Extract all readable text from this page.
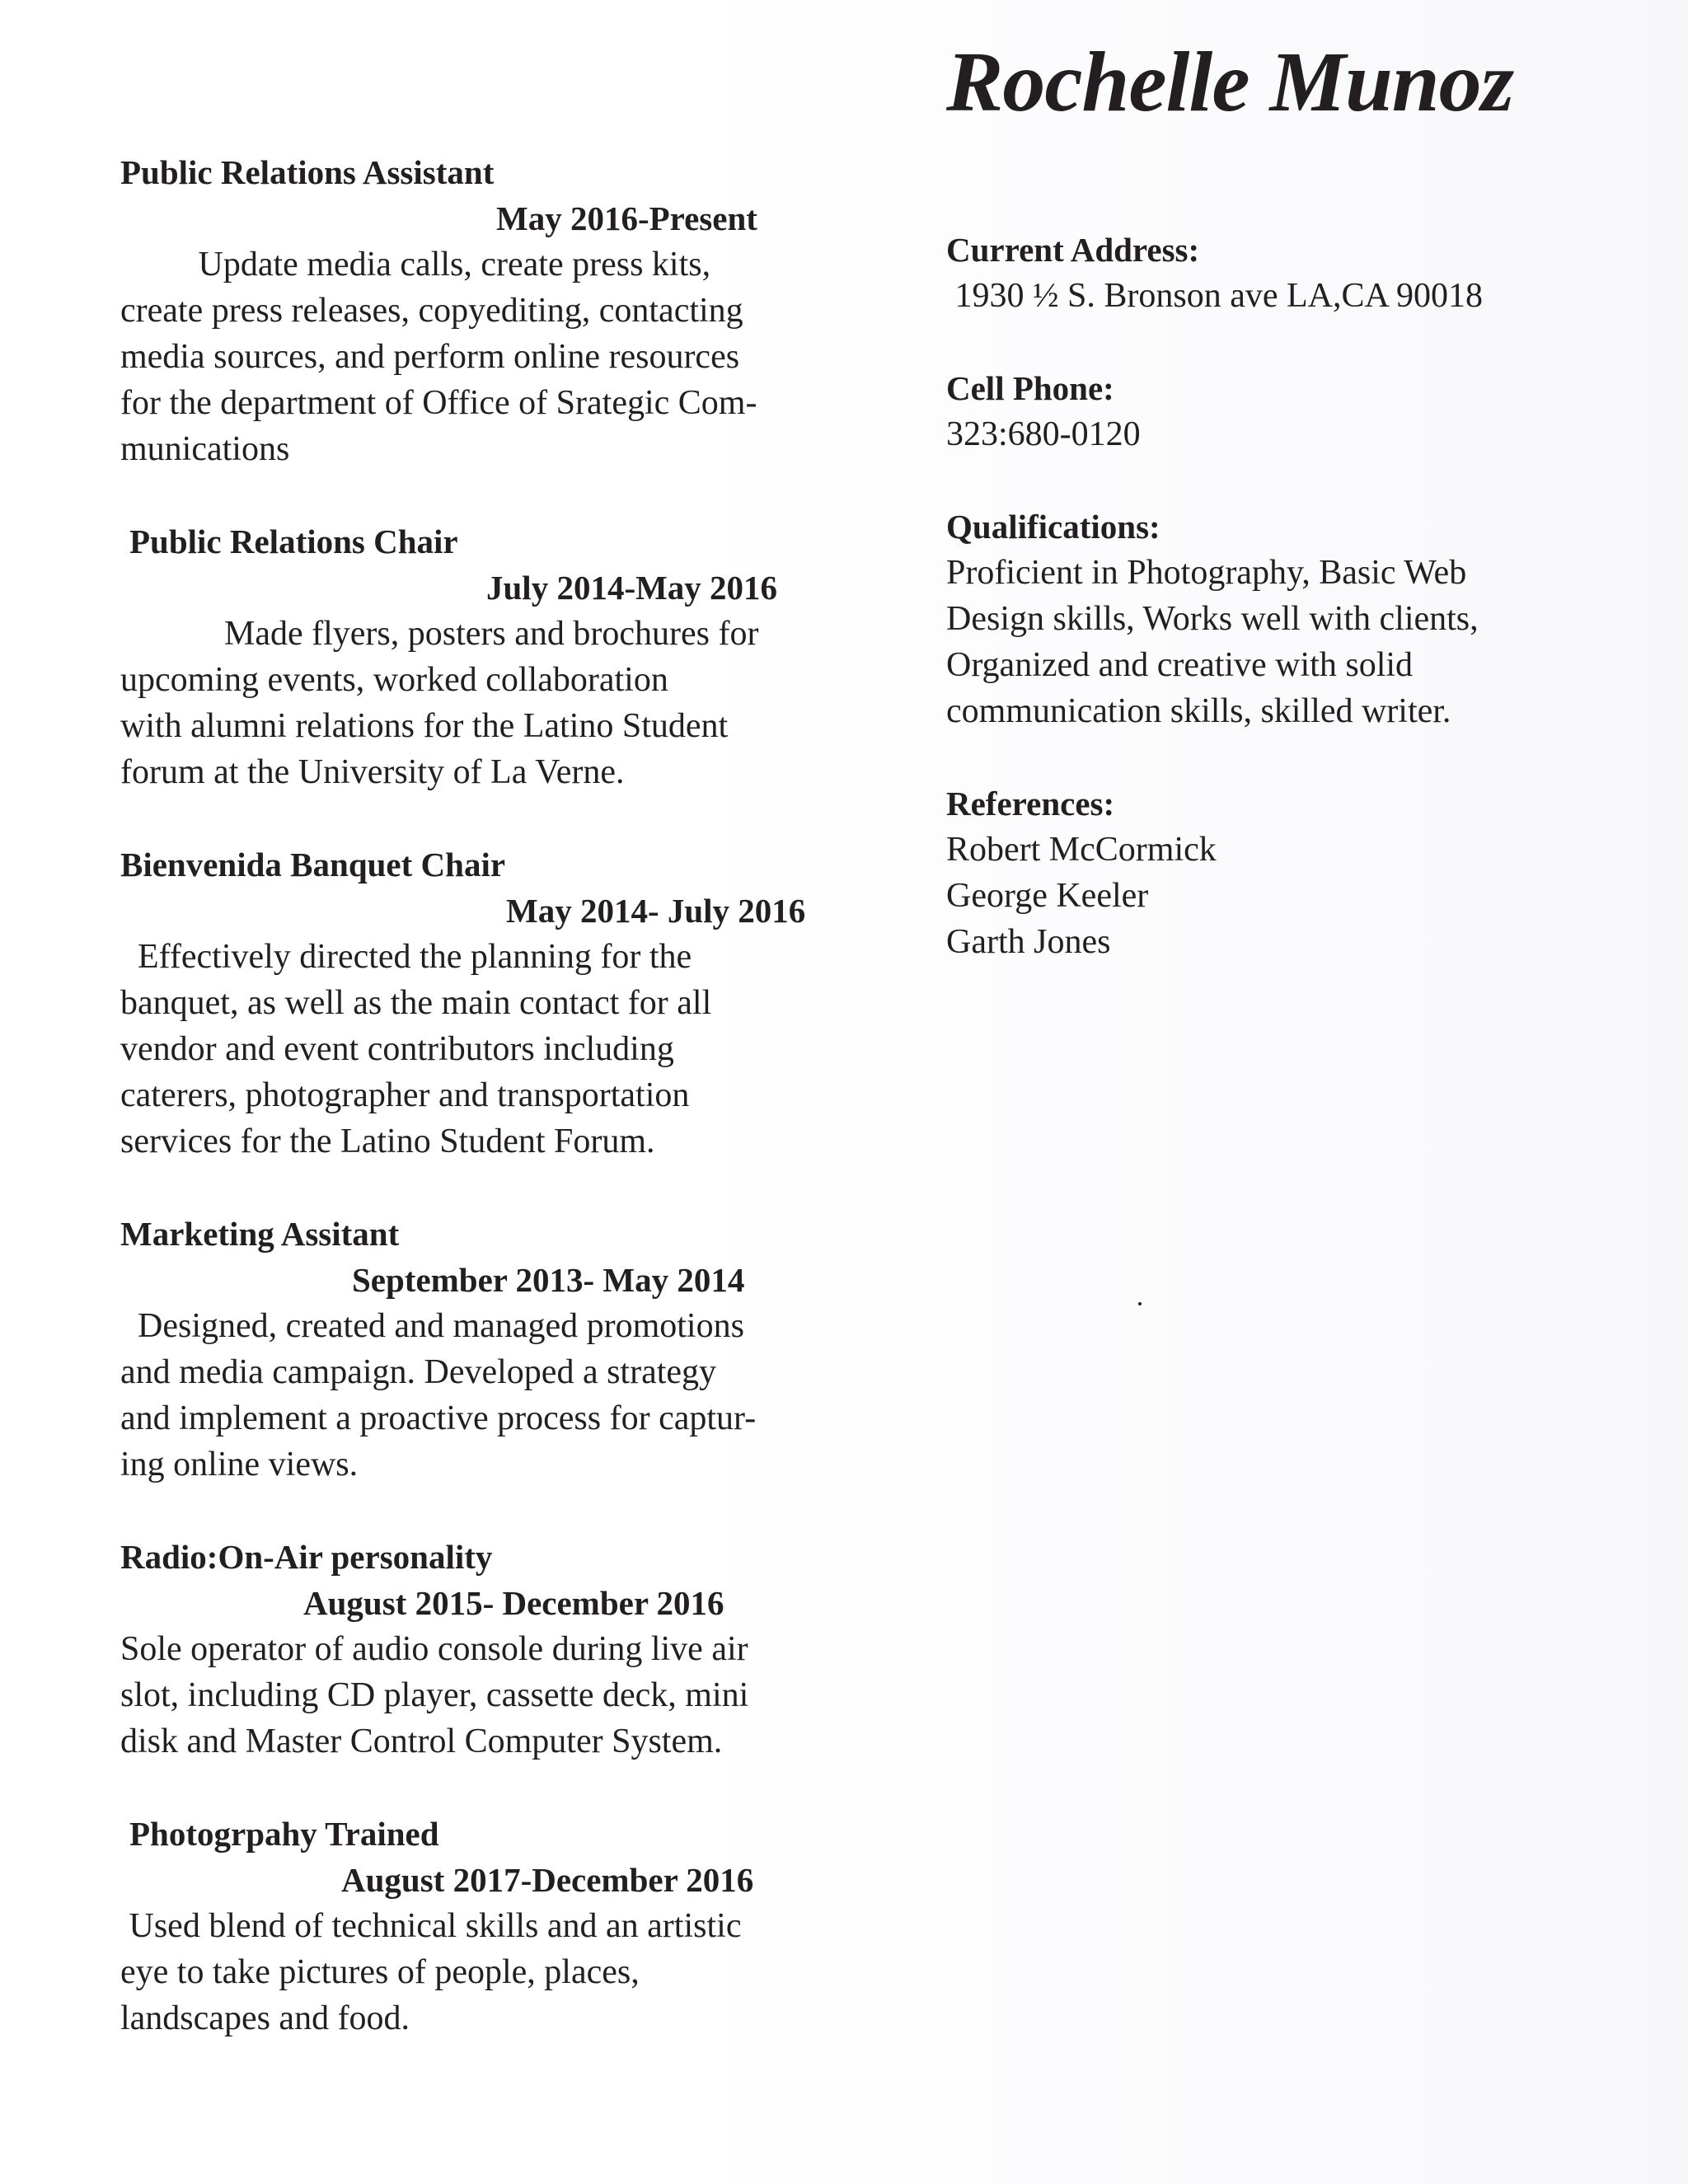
Rochelle Munoz
Public Relations Assistant
May 2016-Present
Update media calls, create press kits,
create press releases, copyediting, contacting
media sources, and perform online resources
for the department of Office of Srategic Com-
munications
Public Relations Chair
July 2014-May 2016
Made flyers, posters and brochures for
upcoming events, worked collaboration
with alumni relations for the Latino Student
forum at the University of La Verne.
Bienvenida Banquet Chair
May 2014- July 2016
Effectively directed the planning for the
banquet, as well as the main contact for all
vendor and event contributors including
caterers, photographer and transportation
services for the Latino Student Forum.
Marketing Assitant
September 2013- May 2014
Designed, created and managed promotions
and media campaign. Developed a strategy
and implement a proactive process for captur-
ing online views.
Radio:On-Air personality
August 2015- December 2016
Sole operator of audio console during live air
slot, including CD player, cassette deck, mini
disk and Master Control Computer System.
Photogrpahy Trained
August 2017-December 2016
Used blend of technical skills and an artistic
eye to take pictures of people, places,
landscapes and food.
Current Address:
1930 ½ S. Bronson ave LA,CA 90018
Cell Phone:
323:680-0120
Qualifications:
Proficient in Photography, Basic Web
Design skills, Works well with clients,
Organized and creative with solid
communication skills, skilled writer.
References:
Robert McCormick
George Keeler
Garth Jones
